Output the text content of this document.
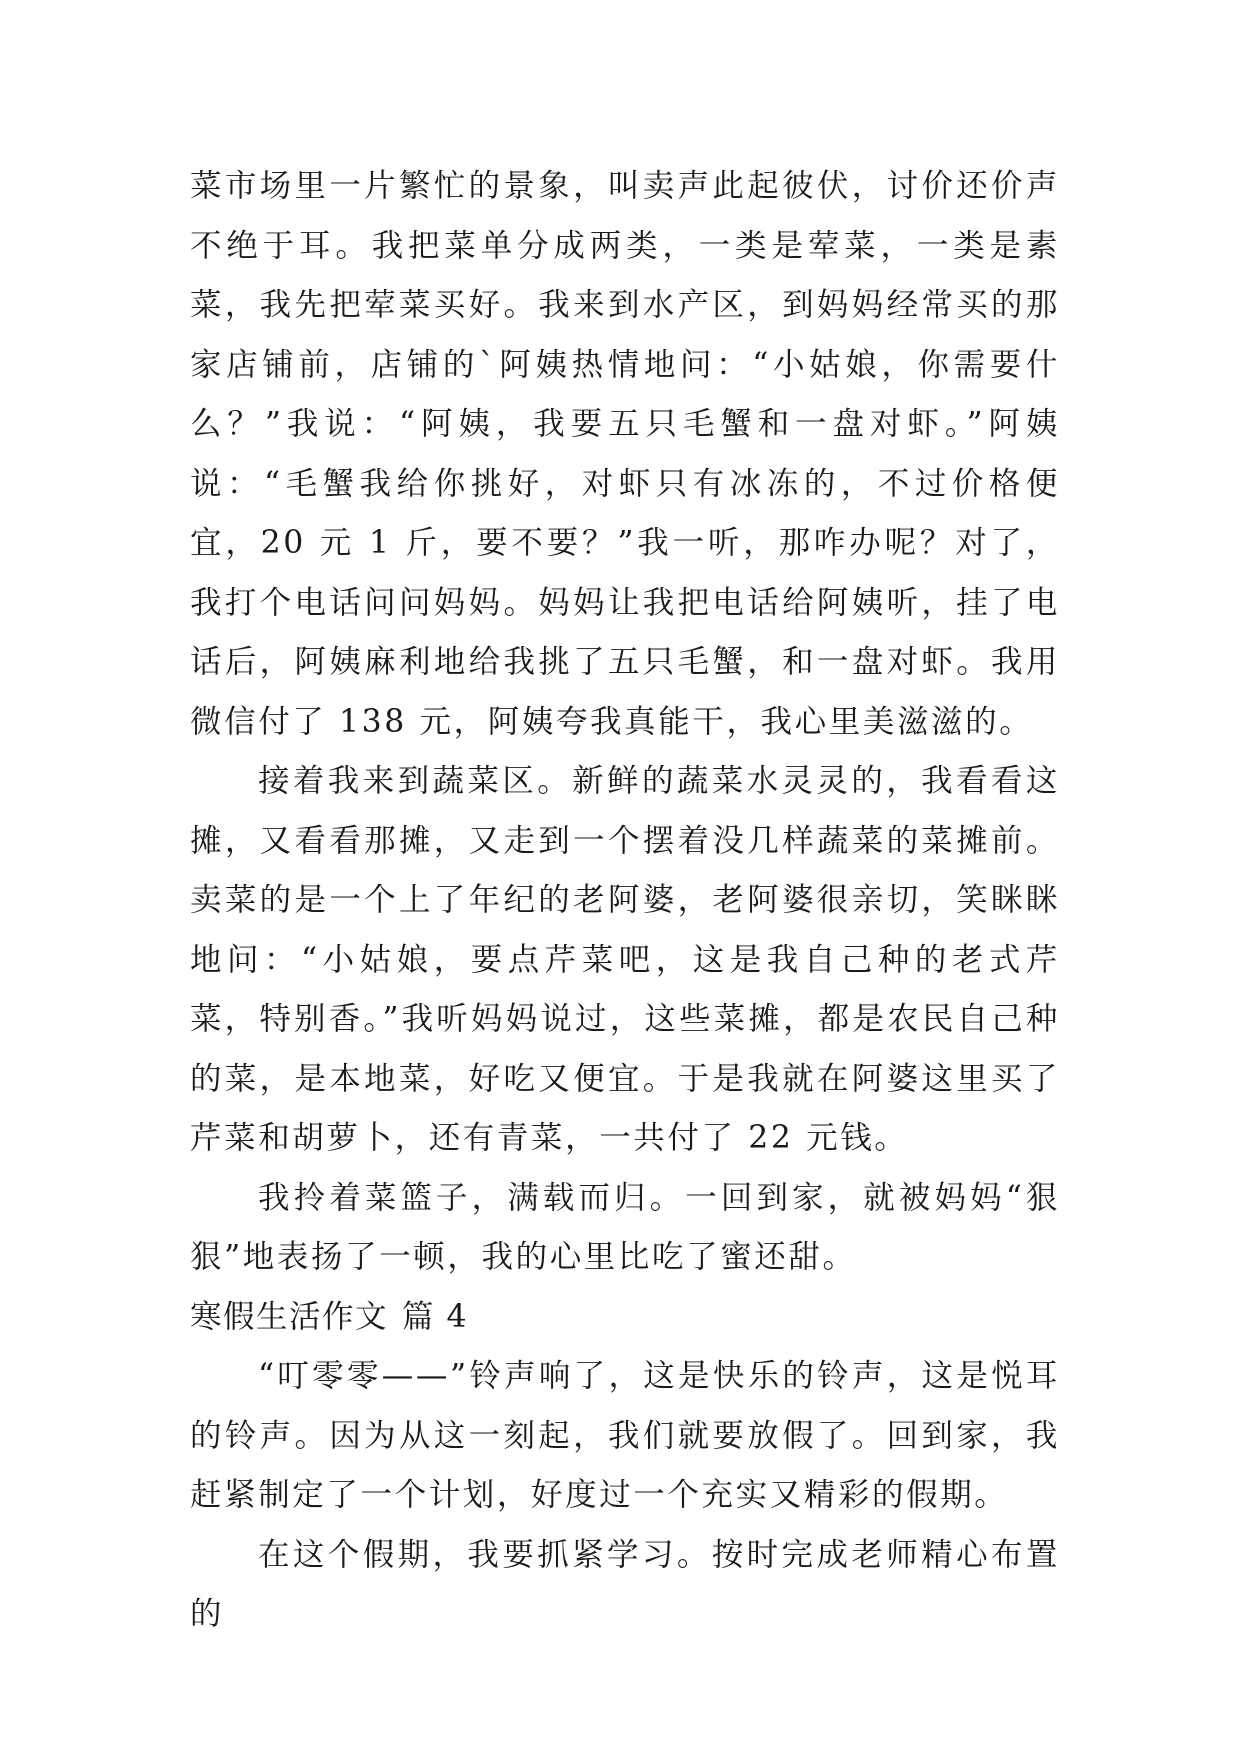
菜市场里一片繁忙的景象，叫卖声此起彼伏，讨价还价声不绝于耳。我把菜单分成两类，一类是荤菜，一类是素菜，我先把荤菜买好。我来到水产区，到妈妈经常买的那家店铺前，店铺的`阿姨热情地问：“小姑娘，你需要什么？”我说：“阿姨，我要五只毛蟹和一盘对虾。”阿姨说：“毛蟹我给你挑好，对虾只有冰冻的，不过价格便宜，20 元 1 斤，要不要？”我一听，那咋办呢？对了，我打个电话问问妈妈。妈妈让我把电话给阿姨听，挂了电话后，阿姨麻利地给我挑了五只毛蟹，和一盘对虾。我用微信付了 138 元，阿姨夸我真能干，我心里美滋滋的。

接着我来到蔬菜区。新鲜的蔬菜水灵灵的，我看看这摊，又看看那摊，又走到一个摆着没几样蔬菜的菜摊前。卖菜的是一个上了年纪的老阿婆，老阿婆很亲切，笑眯眯地问：“小姑娘，要点芹菜吧，这是我自己种的老式芹菜，特别香。”我听妈妈说过，这些菜摊，都是农民自己种的菜，是本地菜，好吃又便宜。于是我就在阿婆这里买了芹菜和胡萝卜，还有青菜，一共付了 22 元钱。

我拎着菜篮子，满载而归。一回到家，就被妈妈“狠狠”地表扬了一顿，我的心里比吃了蜜还甜。

寒假生活作文 篇 4

“叮零零——”铃声响了，这是快乐的铃声，这是悦耳的铃声。因为从这一刻起，我们就要放假了。回到家，我赶紧制定了一个计划，好度过一个充实又精彩的假期。

在这个假期，我要抓紧学习。按时完成老师精心布置的
